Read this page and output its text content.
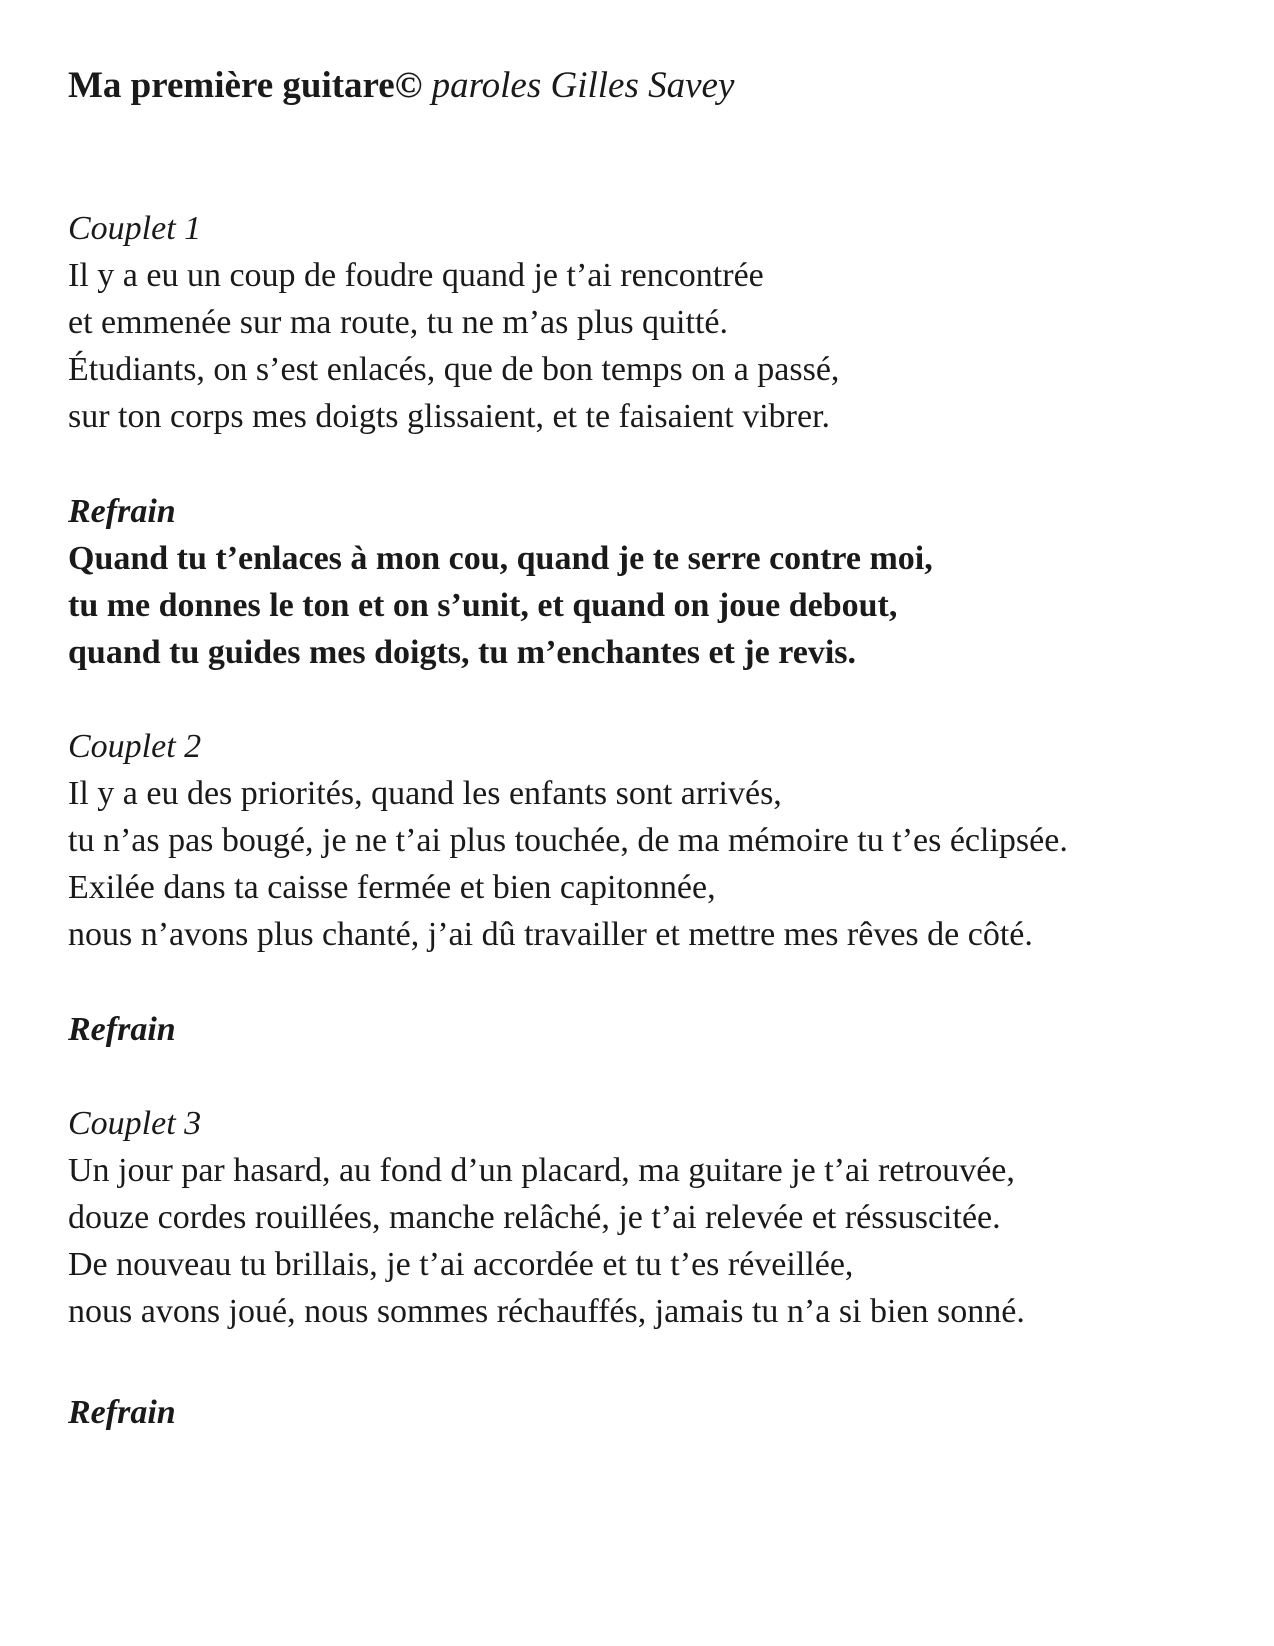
Ma première guitare© paroles Gilles Savey

Couplet 1
Il y a eu un coup de foudre quand je t’ai rencontrée
et emmenée sur ma route, tu ne m’as plus quitté.
Étudiants, on s’est enlacés, que de bon temps on a passé,
sur ton corps mes doigts glissaient, et te faisaient vibrer.
Refrain
Quand tu t’enlaces à mon cou, quand je te serre contre moi,
tu me donnes le ton et on s’unit, et quand on joue debout,
quand tu guides mes doigts, tu m’enchantes et je revis.
Couplet 2
Il y a eu des priorités, quand les enfants sont arrivés,
tu n’as pas bougé, je ne t’ai plus touchée, de ma mémoire tu t’es éclipsée.
Exilée dans ta caisse fermée et bien capitonnée,
nous n’avons plus chanté, j’ai dû travailler et mettre mes rêves de côté.
Refrain
Couplet 3
Un jour par hasard, au fond d’un placard, ma guitare je t’ai retrouvée,
douze cordes rouillées, manche relâché, je t’ai relevée et réssuscitée.
De nouveau tu brillais, je t’ai accordée et tu t’es réveillée,
nous avons joué, nous sommes réchauffés, jamais tu n’a si bien sonné.
Refrain
